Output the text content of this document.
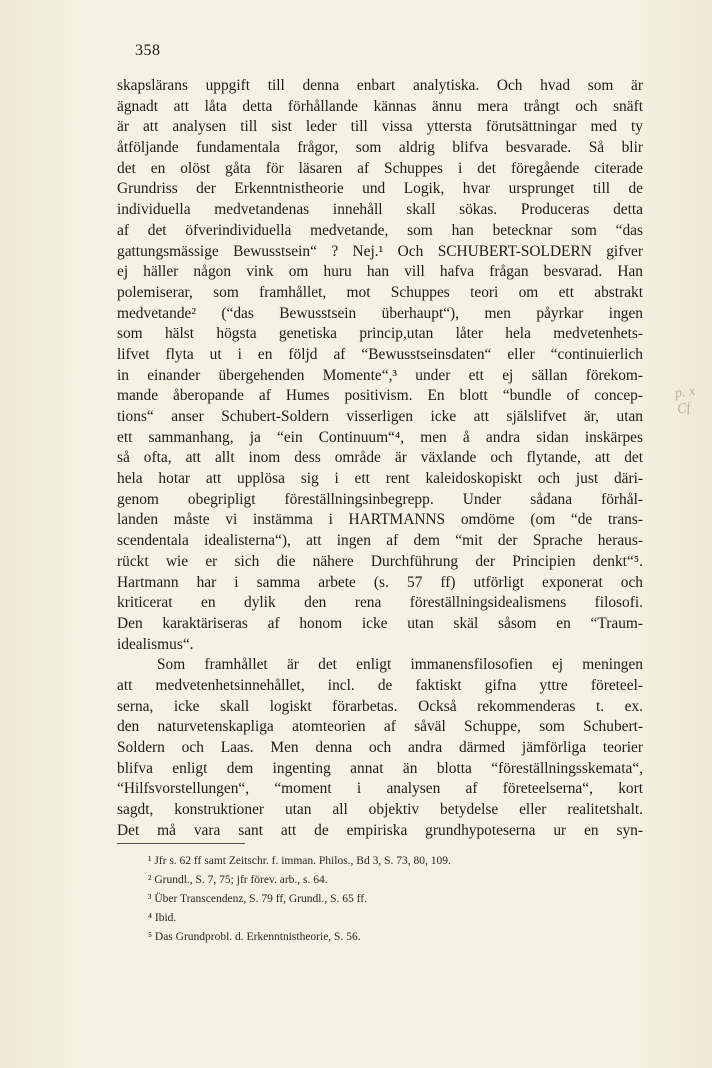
358
skapslärans uppgift till denna enbart analytiska. Och hvad som är
ägnadt att låta detta förhållande kännas ännu mera trångt och snäft
är att analysen till sist leder till vissa yttersta förutsättningar med ty
åtföljande fundamentala frågor, som aldrig blifva besvarade. Så blir
det en olöst gåta för läsaren af Schuppes i det föregående citerade
Grundriss der Erkenntnistheorie und Logik, hvar ursprunget till de
individuella medvetandenas innehåll skall sökas. Produceras detta
af det öfverindividuella medvetande, som han betecknar som “das
gattungsmässige Bewusstsein“ ? Nej.¹ Och SCHUBERT-SOLDERN gifver
ej häller någon vink om huru han vill hafva frågan besvarad. Han
polemiserar, som framhållet, mot Schuppes teori om ett abstrakt
medvetande² (“das Bewusstsein überhaupt“), men påyrkar ingen
som hälst högsta genetiska princip,utan låter hela medvetenhets-
lifvet flyta ut i en följd af “Bewusstseinsdaten“ eller “continuierlich
in einander übergehenden Momente“,³ under ett ej sällan förekom-
mande åberopande af Humes positivism. En blott “bundle of concep-
tions“ anser Schubert-Soldern visserligen icke att själslifvet är, utan
ett sammanhang, ja “ein Continuum“⁴, men å andra sidan inskärpes
så ofta, att allt inom dess område är växlande och flytande, att det
hela hotar att upplösa sig i ett rent kaleidoskopiskt och just däri-
genom obegripligt föreställningsinbegrepp. Under sådana förhål-
landen måste vi instämma i HARTMANNS omdöme (om “de trans-
scendentala idealisterna“), att ingen af dem “mit der Sprache heraus-
rückt wie er sich die nähere Durchführung der Principien denkt“⁵.
Hartmann har i samma arbete (s. 57 ff) utförligt exponerat och
kriticerat en dylik den rena föreställningsidealismens filosofi.
Den karaktäriseras af honom icke utan skäl såsom en “Traum-
idealismus“.
Som framhållet är det enligt immanensfilosofien ej meningen
att medvetenhetsinnehållet, incl. de faktiskt gifna yttre företeel-
serna, icke skall logiskt förarbetas. Också rekommenderas t. ex.
den naturvetenskapliga atomteorien af såväl Schuppe, som Schubert-
Soldern och Laas. Men denna och andra därmed jämförliga teorier
blifva enligt dem ingenting annat än blotta “föreställningsskemata“,
“Hilfsvorstellungen“, “moment i analysen af företeelserna“, kort
sagdt, konstruktioner utan all objektiv betydelse eller realitetshalt.
Det må vara sant att de empiriska grundhypoteserna ur en syn-
p. x Cf
¹ Jfr s. 62 ff samt Zeitschr. f. imman. Philos., Bd 3, S. 73, 80, 109.
² Grundl., S. 7, 75; jfr förev. arb., s. 64.
³ Über Transcendenz, S. 79 ff, Grundl., S. 65 ff.
⁴ Ibid.
⁵ Das Grundprobl. d. Erkenntnistheorie, S. 56.
